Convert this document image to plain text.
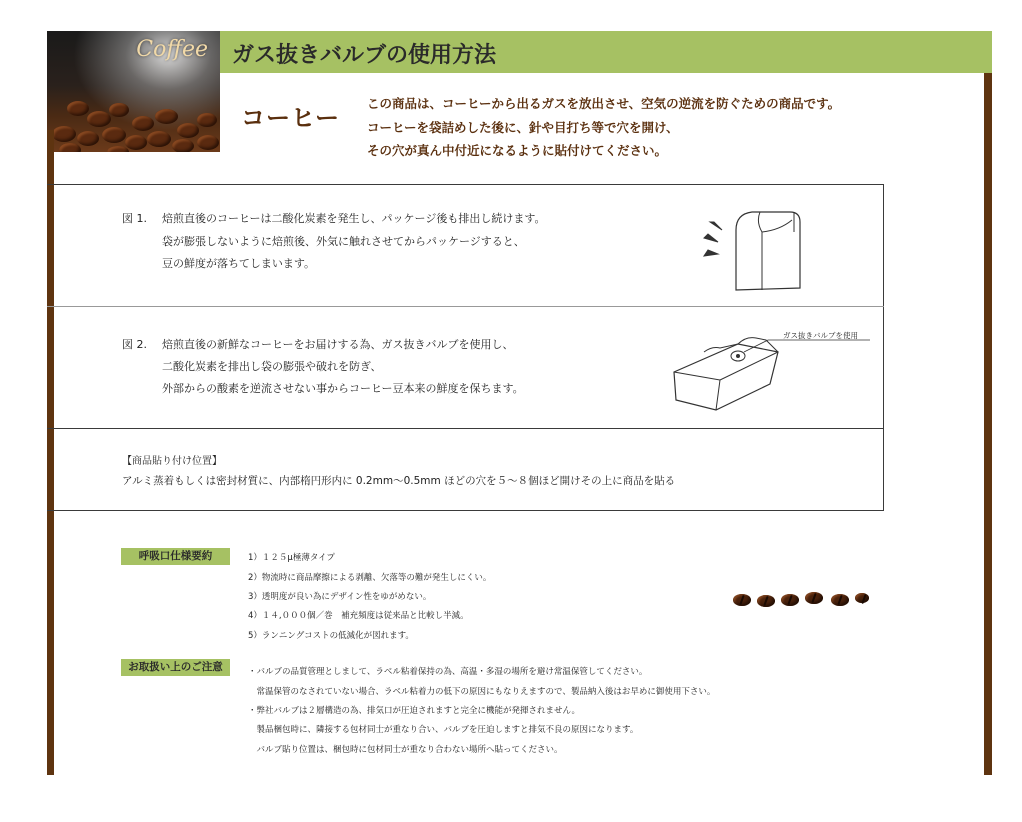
Coffee ガス抜きバルブの使用方法
コーヒー
この商品は、コーヒーから出るガスを放出させ、空気の逆流を防ぐための商品です。
コーヒーを袋詰めした後に、針や目打ち等で穴を開け、
その穴が真ん中付近になるように貼付けてください。
図 1. 焙煎直後のコーヒーは二酸化炭素を発生し、パッケージ後も排出し続けます。
袋が膨張しないように焙煎後、外気に触れさせてからパッケージすると、
豆の鮮度が落ちてしまいます。
図 2. 焙煎直後の新鮮なコーヒーをお届けする為、ガス抜きバルブを使用し、
二酸化炭素を排出し袋の膨張や破れを防ぎ、
外部からの酸素を逆流させない事からコーヒー豆本来の鮮度を保ちます。
ガス抜きバルブを使用
【商品貼り付け位置】
アルミ蒸着もしくは密封材質に、内部楕円形内に 0.2mm〜0.5mm ほどの穴を５〜８個ほど開けその上に商品を貼る
呼吸口仕様要約	1）１２５μ極薄タイプ
2）物流時に商品摩擦による剥離、欠落等の難が発生しにくい。
3）透明度が良い為にデザイン性をゆがめない。
4）１４,０００個／巻　補充頻度は従来品と比較し半減。
5）ランニングコストの低減化が図れます。
お取扱い上のご注意	・バルブの品質管理としまして、ラベル粘着保持の為、高温・多湿の場所を避け常温保管してください。
　常温保管のなされていない場合、ラベル粘着力の低下の原因にもなりえますので、製品納入後はお早めに御使用下さい。
・弊社バルブは２層構造の為、排気口が圧迫されますと完全に機能が発揮されません。
　製品梱包時に、隣接する包材同士が重なり合い、バルブを圧迫しますと排気不良の原因になります。
　バルブ貼り位置は、梱包時に包材同士が重なり合わない場所へ貼ってください。
